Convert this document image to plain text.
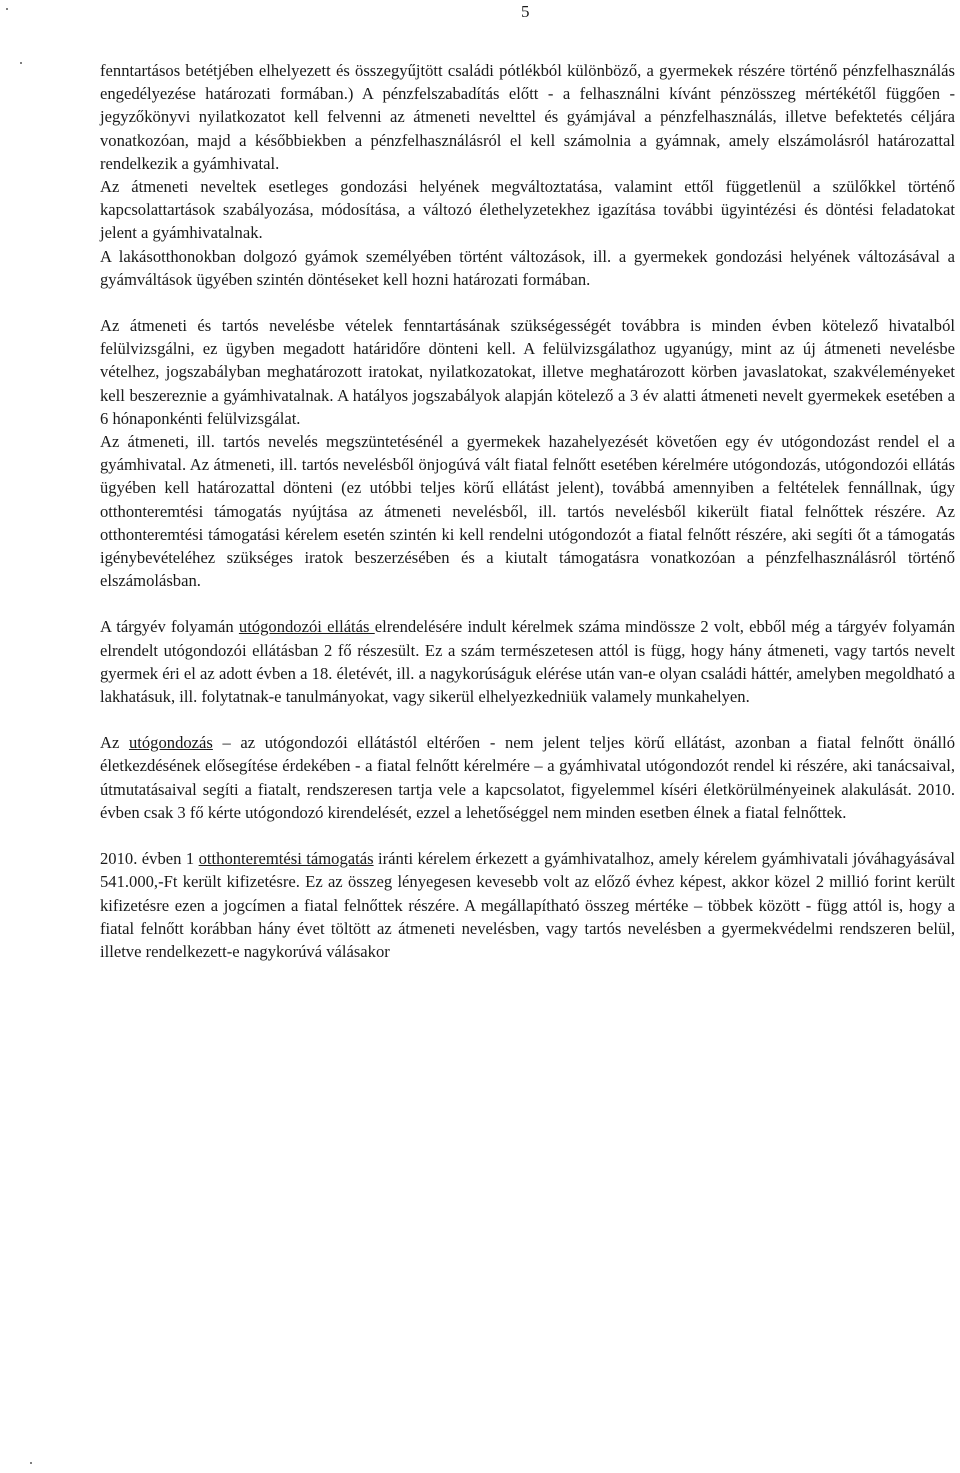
5

fenntartásos betétjében elhelyezett és összegyűjtött családi pótlékból különböző, a gyermekek részére történő pénzfelhasználás engedélyezése határozati formában.) A pénzfelszabadítás előtt - a felhasználni kívánt pénzösszeg mértékétől függően - jegyzőkönyvi nyilatkozatot kell felvenni az átmeneti nevelttel és gyámjával a pénzfelhasználás, illetve befektetés céljára vonatkozóan, majd a későbbiekben a pénzfelhasználásról el kell számolnia a gyámnak, amely elszámolásról határozattal rendelkezik a gyámhivatal.

Az átmeneti neveltek esetleges gondozási helyének megváltoztatása, valamint ettől függetlenül a szülőkkel történő kapcsolattartások szabályozása, módosítása, a változó élethelyzetekhez igazítása további ügyintézési és döntési feladatokat jelent a gyámhivatalnak.

A lakásotthonokban dolgozó gyámok személyében történt változások, ill. a gyermekek gondozási helyének változásával a gyámváltások ügyében szintén döntéseket kell hozni határozati formában.

Az átmeneti és tartós nevelésbe vételek fenntartásának szükségességét továbbra is minden évben kötelező hivatalból felülvizsgálni, ez ügyben megadott határidőre dönteni kell. A felülvizsgálathoz ugyanúgy, mint az új átmeneti nevelésbe vételhez, jogszabályban meghatározott iratokat, nyilatkozatokat, illetve meghatározott körben javaslatokat, szakvéleményeket kell beszereznie a gyámhivatalnak. A hatályos jogszabályok alapján kötelező a 3 év alatti átmeneti nevelt gyermekek esetében a 6 hónaponkénti felülvizsgálat.

Az átmeneti, ill. tartós nevelés megszüntetésénél a gyermekek hazahelyezését követően egy év utógondozást rendel el a gyámhivatal. Az átmeneti, ill. tartós nevelésből önjogúvá vált fiatal felnőtt esetében kérelmére utógondozás, utógondozói ellátás ügyében kell határozattal dönteni (ez utóbbi teljes körű ellátást jelent), továbbá amennyiben a feltételek fennállnak, úgy otthonteremtési támogatás nyújtása az átmeneti nevelésből, ill. tartós nevelésből kikerült fiatal felnőttek részére. Az otthonteremtési támogatási kérelem esetén szintén ki kell rendelni utógondozót a fiatal felnőtt részére, aki segíti őt a támogatás igénybevételéhez szükséges iratok beszerzésében és a kiutalt támogatásra vonatkozóan a pénzfelhasználásról történő elszámolásban.

A tárgyév folyamán utógondozói ellátás elrendelésére indult kérelmek száma mindössze 2 volt, ebből még a tárgyév folyamán elrendelt utógondozói ellátásban 2 fő részesült. Ez a szám természetesen attól is függ, hogy hány átmeneti, vagy tartós nevelt gyermek éri el az adott évben a 18. életévét, ill. a nagykorúságuk elérése után van-e olyan családi háttér, amelyben megoldható a lakhatásuk, ill. folytatnak-e tanulmányokat, vagy sikerül elhelyezkedniük valamely munkahelyen.

Az utógondozás – az utógondozói ellátástól eltérően - nem jelent teljes körű ellátást, azonban a fiatal felnőtt önálló életkezdésének elősegítése érdekében - a fiatal felnőtt kérelmére – a gyámhivatal utógondozót rendel ki részére, aki tanácsaival, útmutatásaival segíti a fiatalt, rendszeresen tartja vele a kapcsolatot, figyelemmel kíséri életkörülményeinek alakulását. 2010. évben csak 3 fő kérte utógondozó kirendelését, ezzel a lehetőséggel nem minden esetben élnek a fiatal felnőttek.

2010. évben 1 otthonteremtési támogatás iránti kérelem érkezett a gyámhivatalhoz, amely kérelem gyámhivatali jóváhagyásával 541.000,-Ft került kifizetésre. Ez az összeg lényegesen kevesebb volt az előző évhez képest, akkor közel 2 millió forint került kifizetésre ezen a jogcímen a fiatal felnőttek részére. A megállapítható összeg mértéke – többek között - függ attól is, hogy a fiatal felnőtt korábban hány évet töltött az átmeneti nevelésben, vagy tartós nevelésben a gyermekvédelmi rendszeren belül, illetve rendelkezett-e nagykorúvá válásakor
